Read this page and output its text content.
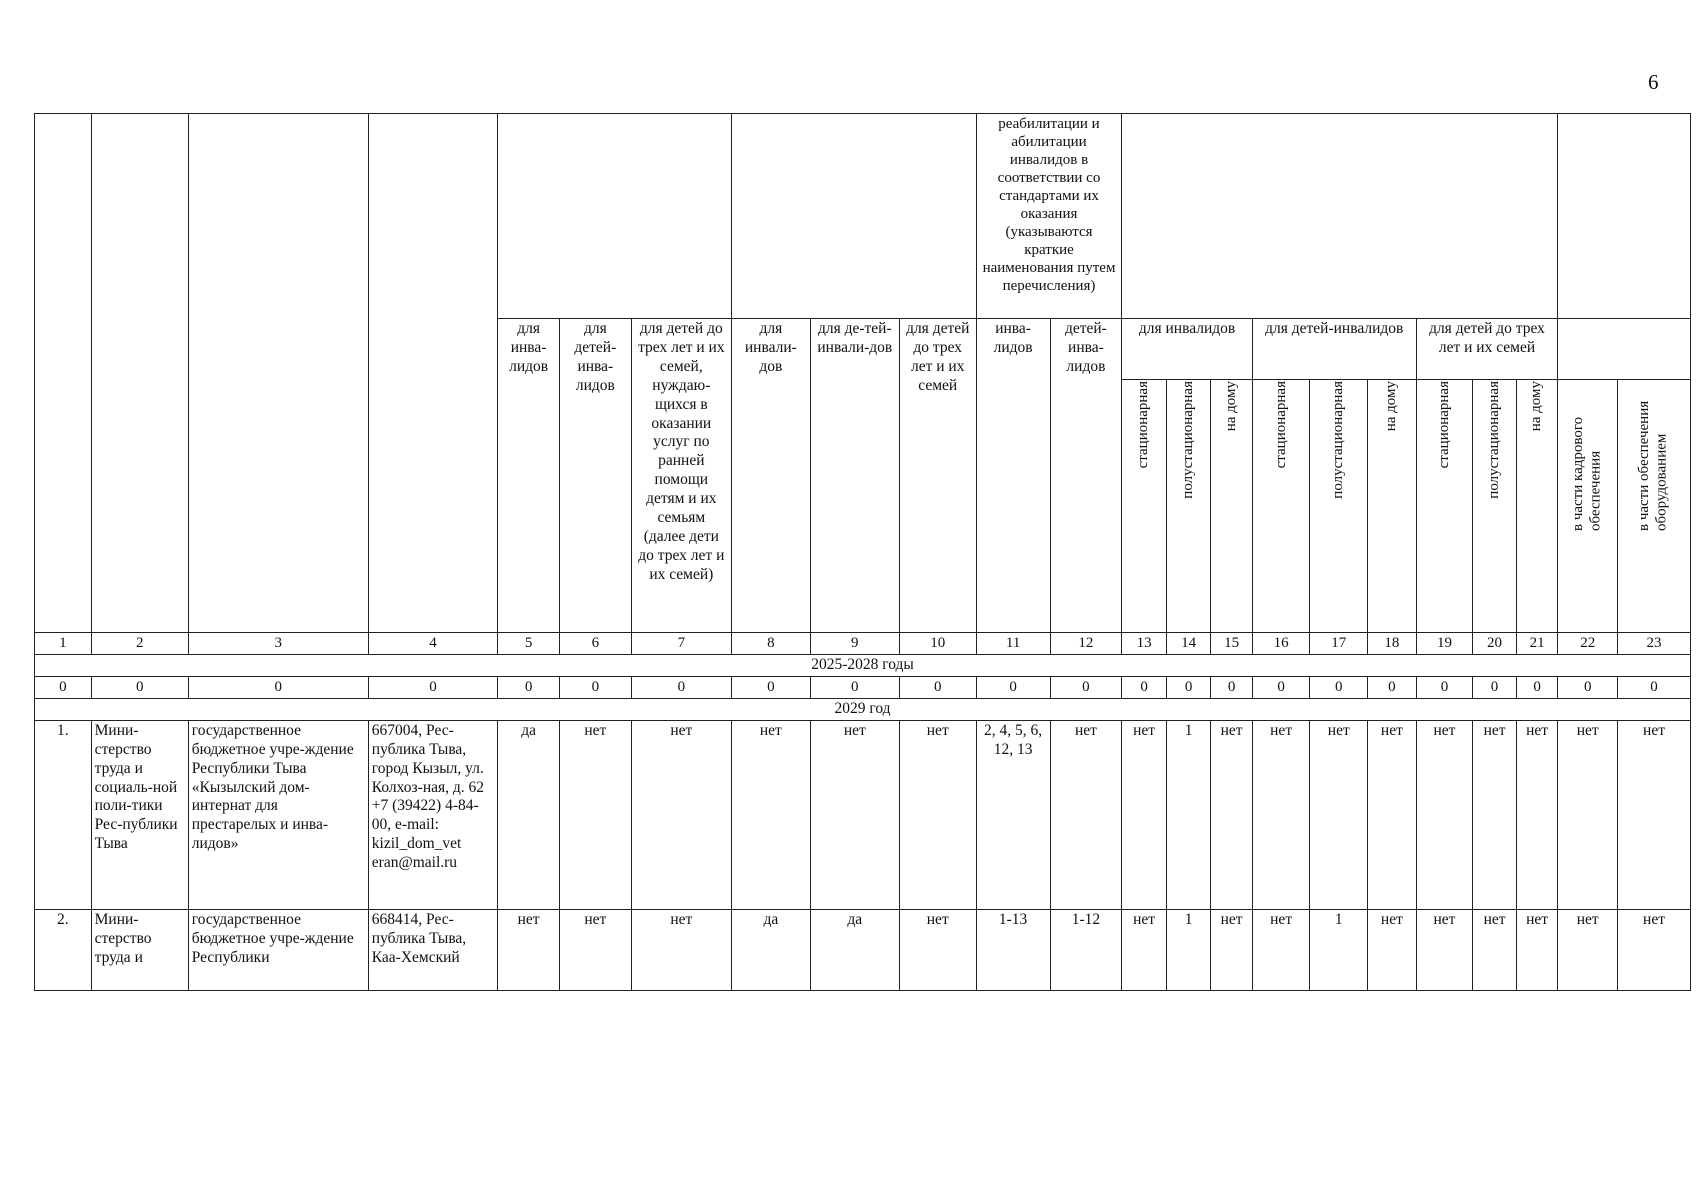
6
										реабилитации и абилитации инвалидов в соответствии со стандартами их оказания (указываются краткие наименования путем перечисления)												
				для инва-лидов	для детей-инва-лидов	для детей до трех лет и их семей, нуждаю-щихся в оказании услуг по ранней помощи детям и их семьям (далее дети до трех лет и их семей)	для инвали-дов	для де-тей-инвали-дов	для детей до трех лет и их семей	инва-лидов	детей-инва-лидов	для инвалидов			для детей-инвалидов			для детей до трех лет и их семей				
												стационарная	полустационарная	на дому	стационарная	полустационарная	на дому	стационарная	полустационарная	на дому	в части кадрового обеспечения	в части обеспечения оборудованием
1	2	3	4	5	6	7	8	9	10	11	12	13	14	15	16	17	18	19	20	21	22	23
2025-2028 годы																						
0	0	0	0	0	0	0	0	0	0	0	0	0	0	0	0	0	0	0	0	0	0	0
2029 год																						
1.	Мини-стерство труда и социаль-ной поли-тики Рес-публики Тыва	государственное бюджетное учре-ждение Республики Тыва «Кызылский дом-интернат для престарелых и инва-лидов»	667004, Рес-публика Тыва, город Кызыл, ул. Колхоз-ная, д. 62 +7 (39422) 4-84-00, e-mail: kizil_dom_vet eran@mail.ru	да	нет	нет	нет	нет	нет	2, 4, 5, 6, 12, 13	нет	нет	1	нет	нет	нет	нет	нет	нет	нет	нет	нет
2.	Мини-стерство труда и	государственное бюджетное учре-ждение Республики	668414, Рес-публика Тыва, Каа-Хемский	нет	нет	нет	да	да	нет	1-13	1-12	нет	1	нет	нет	1	нет	нет	нет	нет	нет	нет
